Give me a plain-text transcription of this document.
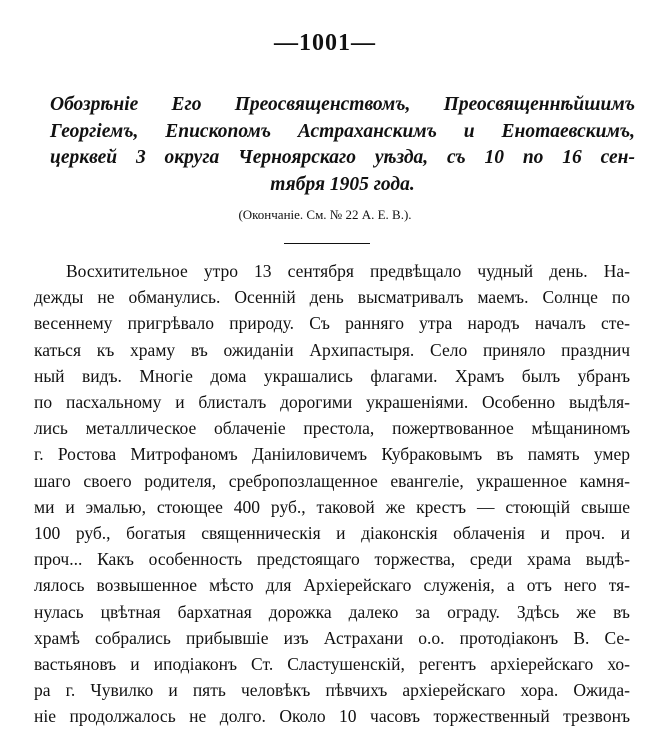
—1001—
Обозрѣніе Его Преосвященствомъ, Преосвященнѣйшимъ
Георгіемъ, Епископомъ Астраханскимъ и Енотаевскимъ,
церквей 3 округа Черноярскаго уѣзда, съ 10 по 16 сен-
тября 1905 года.
(Окончаніе. См. № 22 А. Е. В.).
Восхитительное утро 13 сентября предвѣщало чудный день. На-
дежды не обманулись. Осеннiй день высматривалъ маемъ. Солнце по
весеннему пригрѣвало природу. Съ ранняго утра народъ началъ сте-
каться къ храму въ ожиданіи Архипастыря. Село приняло празднич
ный видъ. Многіе дома украшались флагами. Храмъ былъ убранъ
по пасхальному и блисталъ дорогими украшеніями. Особенно выдѣля-
лись металлическое облаченіе престола, пожертвованное мѣщаниномъ
г. Ростова Митрофаномъ Даніиловичемъ Кубраковымъ въ память умер
шаго своего родителя, сребропозлащенное евангеліе, украшенное камня-
ми и эмалью, стоющее 400 руб., таковой же крестъ — стоющій свыше
100 руб., богатыя священническія и діаконскія облаченія и проч. и
проч... Какъ особенность предстоящаго торжества, среди храма выдѣ-
лялось возвышенное мѣсто для Архіерейскаго служенія, а отъ него тя-
нулась цвѣтная бархатная дорожка далеко за ограду. Здѣсь же въ
храмѣ собрались прибывшіе изъ Астрахани о.о. протодіаконъ В. Се-
вастьяновъ и иподіаконъ Ст. Сластушенскій, регентъ архіерейскаго хо-
ра г. Чувилко и пять человѣкъ пѣвчихъ архіерейскаго хора. Ожида-
ніе продолжалось не долго. Около 10 часовъ торжественный трезвонъ
